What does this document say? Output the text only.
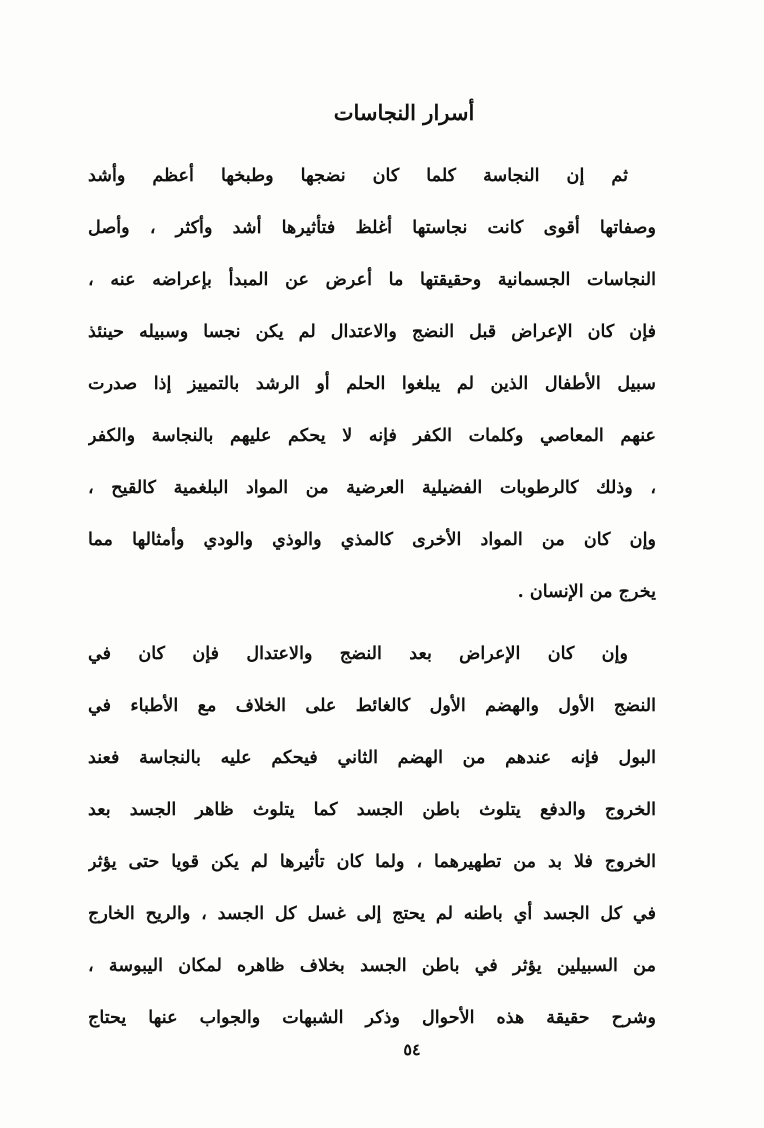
أسرار النجاسات
ثم إن النجاسة كلما كان نضجها وطبخها أعظم وأشد
وصفاتها أقوى كانت نجاستها أغلظ فتأثيرها أشد وأكثر ، وأصل
النجاسات الجسمانية وحقيقتها ما أعرض عن المبدأ بإعراضه عنه ،
فإن كان الإعراض قبل النضج والاعتدال لم يكن نجسا وسبيله حينئذ
سبيل الأطفال الذين لم يبلغوا الحلم أو الرشد بالتمييز إذا صدرت
عنهم المعاصي وكلمات الكفر فإنه لا يحكم عليهم بالنجاسة والكفر
، وذلك كالرطوبات الفضيلية العرضية من المواد البلغمية كالقيح ،
وإن كان من المواد الأخرى كالمذي والوذي والودي وأمثالها مما
يخرج من الإنسان .
وإن كان الإعراض بعد النضج والاعتدال فإن كان في
النضج الأول والهضم الأول كالغائط على الخلاف مع الأطباء في
البول فإنه عندهم من الهضم الثاني فيحكم عليه بالنجاسة فعند
الخروج والدفع يتلوث باطن الجسد كما يتلوث ظاهر الجسد بعد
الخروج فلا بد من تطهيرهما ، ولما كان تأثيرها لم يكن قويا حتى يؤثر
في كل الجسد أي باطنه لم يحتج إلى غسل كل الجسد ، والريح الخارج
من السبيلين يؤثر في باطن الجسد بخلاف ظاهره لمكان اليبوسة ،
وشرح حقيقة هذه الأحوال وذكر الشبهات والجواب عنها يحتاج
٥٤
